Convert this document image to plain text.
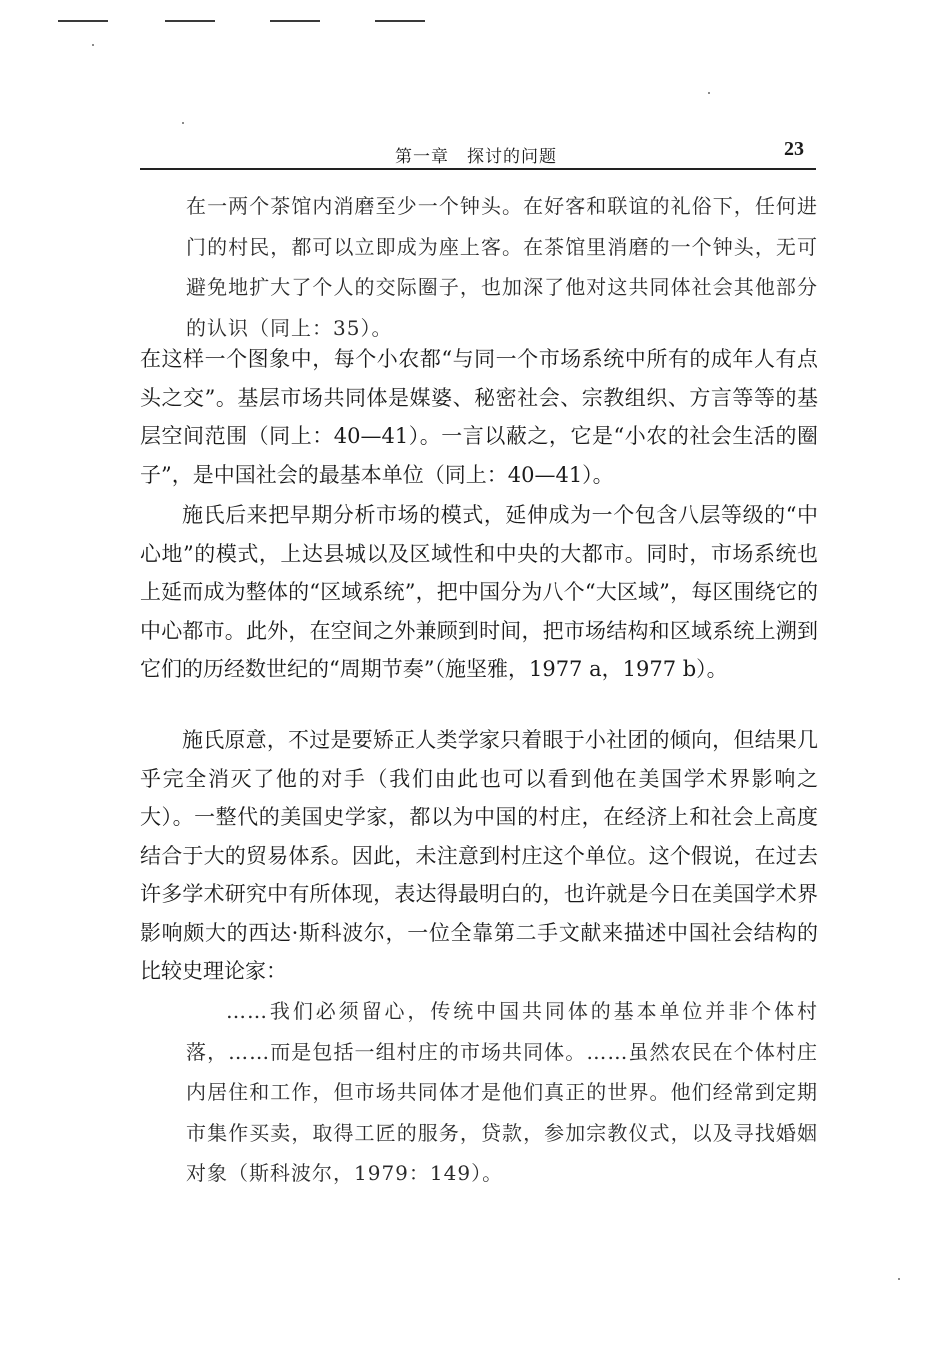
第一章　探讨的问题	23

在一两个茶馆内消磨至少一个钟头。在好客和联谊的礼俗下，任何进门的村民，都可以立即成为座上客。在茶馆里消磨的一个钟头，无可避免地扩大了个人的交际圈子，也加深了他对这共同体社会其他部分的认识（同上：35）。

在这样一个图象中，每个小农都“与同一个市场系统中所有的成年人有点头之交”。基层市场共同体是媒婆、秘密社会、宗教组织、方言等等的基层空间范围（同上：40—41）。一言以蔽之，它是“小农的社会生活的圈子”，是中国社会的最基本单位（同上：40—41）。

施氏后来把早期分析市场的模式，延伸成为一个包含八层等级的“中心地”的模式，上达县城以及区域性和中央的大都市。同时，市场系统也上延而成为整体的“区域系统”，把中国分为八个“大区域”，每区围绕它的中心都市。此外，在空间之外兼顾到时间，把市场结构和区域系统上溯到它们的历经数世纪的“周期节奏”（施坚雅，1977 a，1977 b）。

施氏原意，不过是要矫正人类学家只着眼于小社团的倾向，但结果几乎完全消灭了他的对手（我们由此也可以看到他在美国学术界影响之大）。一整代的美国史学家，都以为中国的村庄，在经济上和社会上高度结合于大的贸易体系。因此，未注意到村庄这个单位。这个假说，在过去许多学术研究中有所体现，表达得最明白的，也许就是今日在美国学术界影响颇大的西达·斯科波尔，一位全靠第二手文献来描述中国社会结构的比较史理论家：

……我们必须留心，传统中国共同体的基本单位并非个体村落，……而是包括一组村庄的市场共同体。……虽然农民在个体村庄内居住和工作，但市场共同体才是他们真正的世界。他们经常到定期市集作买卖，取得工匠的服务，贷款，参加宗教仪式，以及寻找婚姻对象（斯科波尔，1979：149）。
